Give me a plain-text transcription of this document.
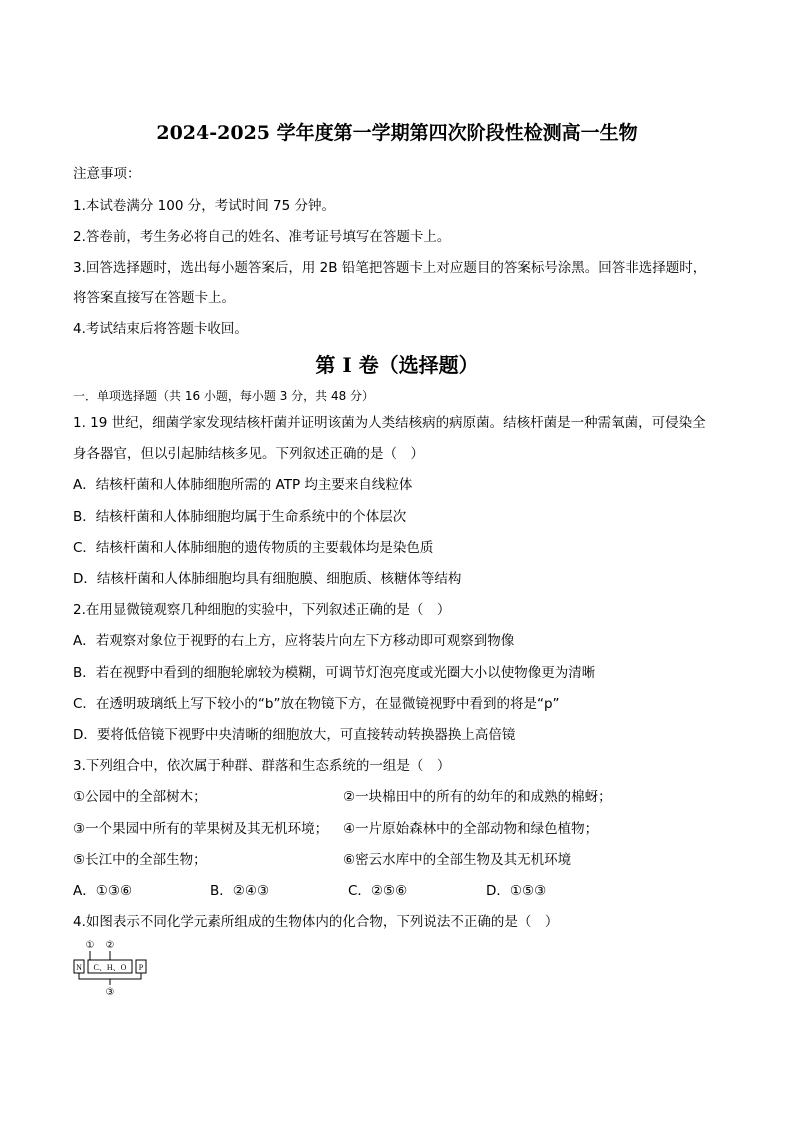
2024-2025 学年度第一学期第四次阶段性检测高一生物
注意事项：
1.本试卷满分 100 分，考试时间 75 分钟。
2.答卷前，考生务必将自己的姓名、准考证号填写在答题卡上。
3.回答选择题时，选出每小题答案后，用 2B 铅笔把答题卡上对应题目的答案标号涂黑。回答非选择题时，
将答案直接写在答题卡上。
4.考试结束后将答题卡收回。
第 I 卷（选择题）
一．单项选择题（共 16 小题，每小题 3 分，共 48 分）
1. 19 世纪，细菌学家发现结核杆菌并证明该菌为人类结核病的病原菌。结核杆菌是一种需氧菌，可侵染全
身各器官，但以引起肺结核多见。下列叙述正确的是（　）
A．结核杆菌和人体肺细胞所需的 ATP 均主要来自线粒体
B．结核杆菌和人体肺细胞均属于生命系统中的个体层次
C．结核杆菌和人体肺细胞的遗传物质的主要载体均是染色质
D．结核杆菌和人体肺细胞均具有细胞膜、细胞质、核糖体等结构
2.在用显微镜观察几种细胞的实验中，下列叙述正确的是（　）
A．若观察对象位于视野的右上方，应将装片向左下方移动即可观察到物像
B．若在视野中看到的细胞轮廓较为模糊，可调节灯泡亮度或光圈大小以使物像更为清晰
C．在透明玻璃纸上写下较小的“b”放在物镜下方，在显微镜视野中看到的将是“p”
D．要将低倍镜下视野中央清晰的细胞放大，可直接转动转换器换上高倍镜
3.下列组合中，依次属于种群、群落和生态系统的一组是（　）
①公园中的全部树木；	②一块棉田中的所有的幼年的和成熟的棉蚜；
③一个果园中所有的苹果树及其无机环境； ④一片原始森林中的全部动物和绿色植物；
⑤长江中的全部生物；	⑥密云水库中的全部生物及其无机环境
A．①③⑥	B．②④③	C．②⑤⑥	D．①⑤③
4.如图表示不同化学元素所组成的生物体内的化合物，下列说法不正确的是（　）
N C、H、O P
① ②
③
